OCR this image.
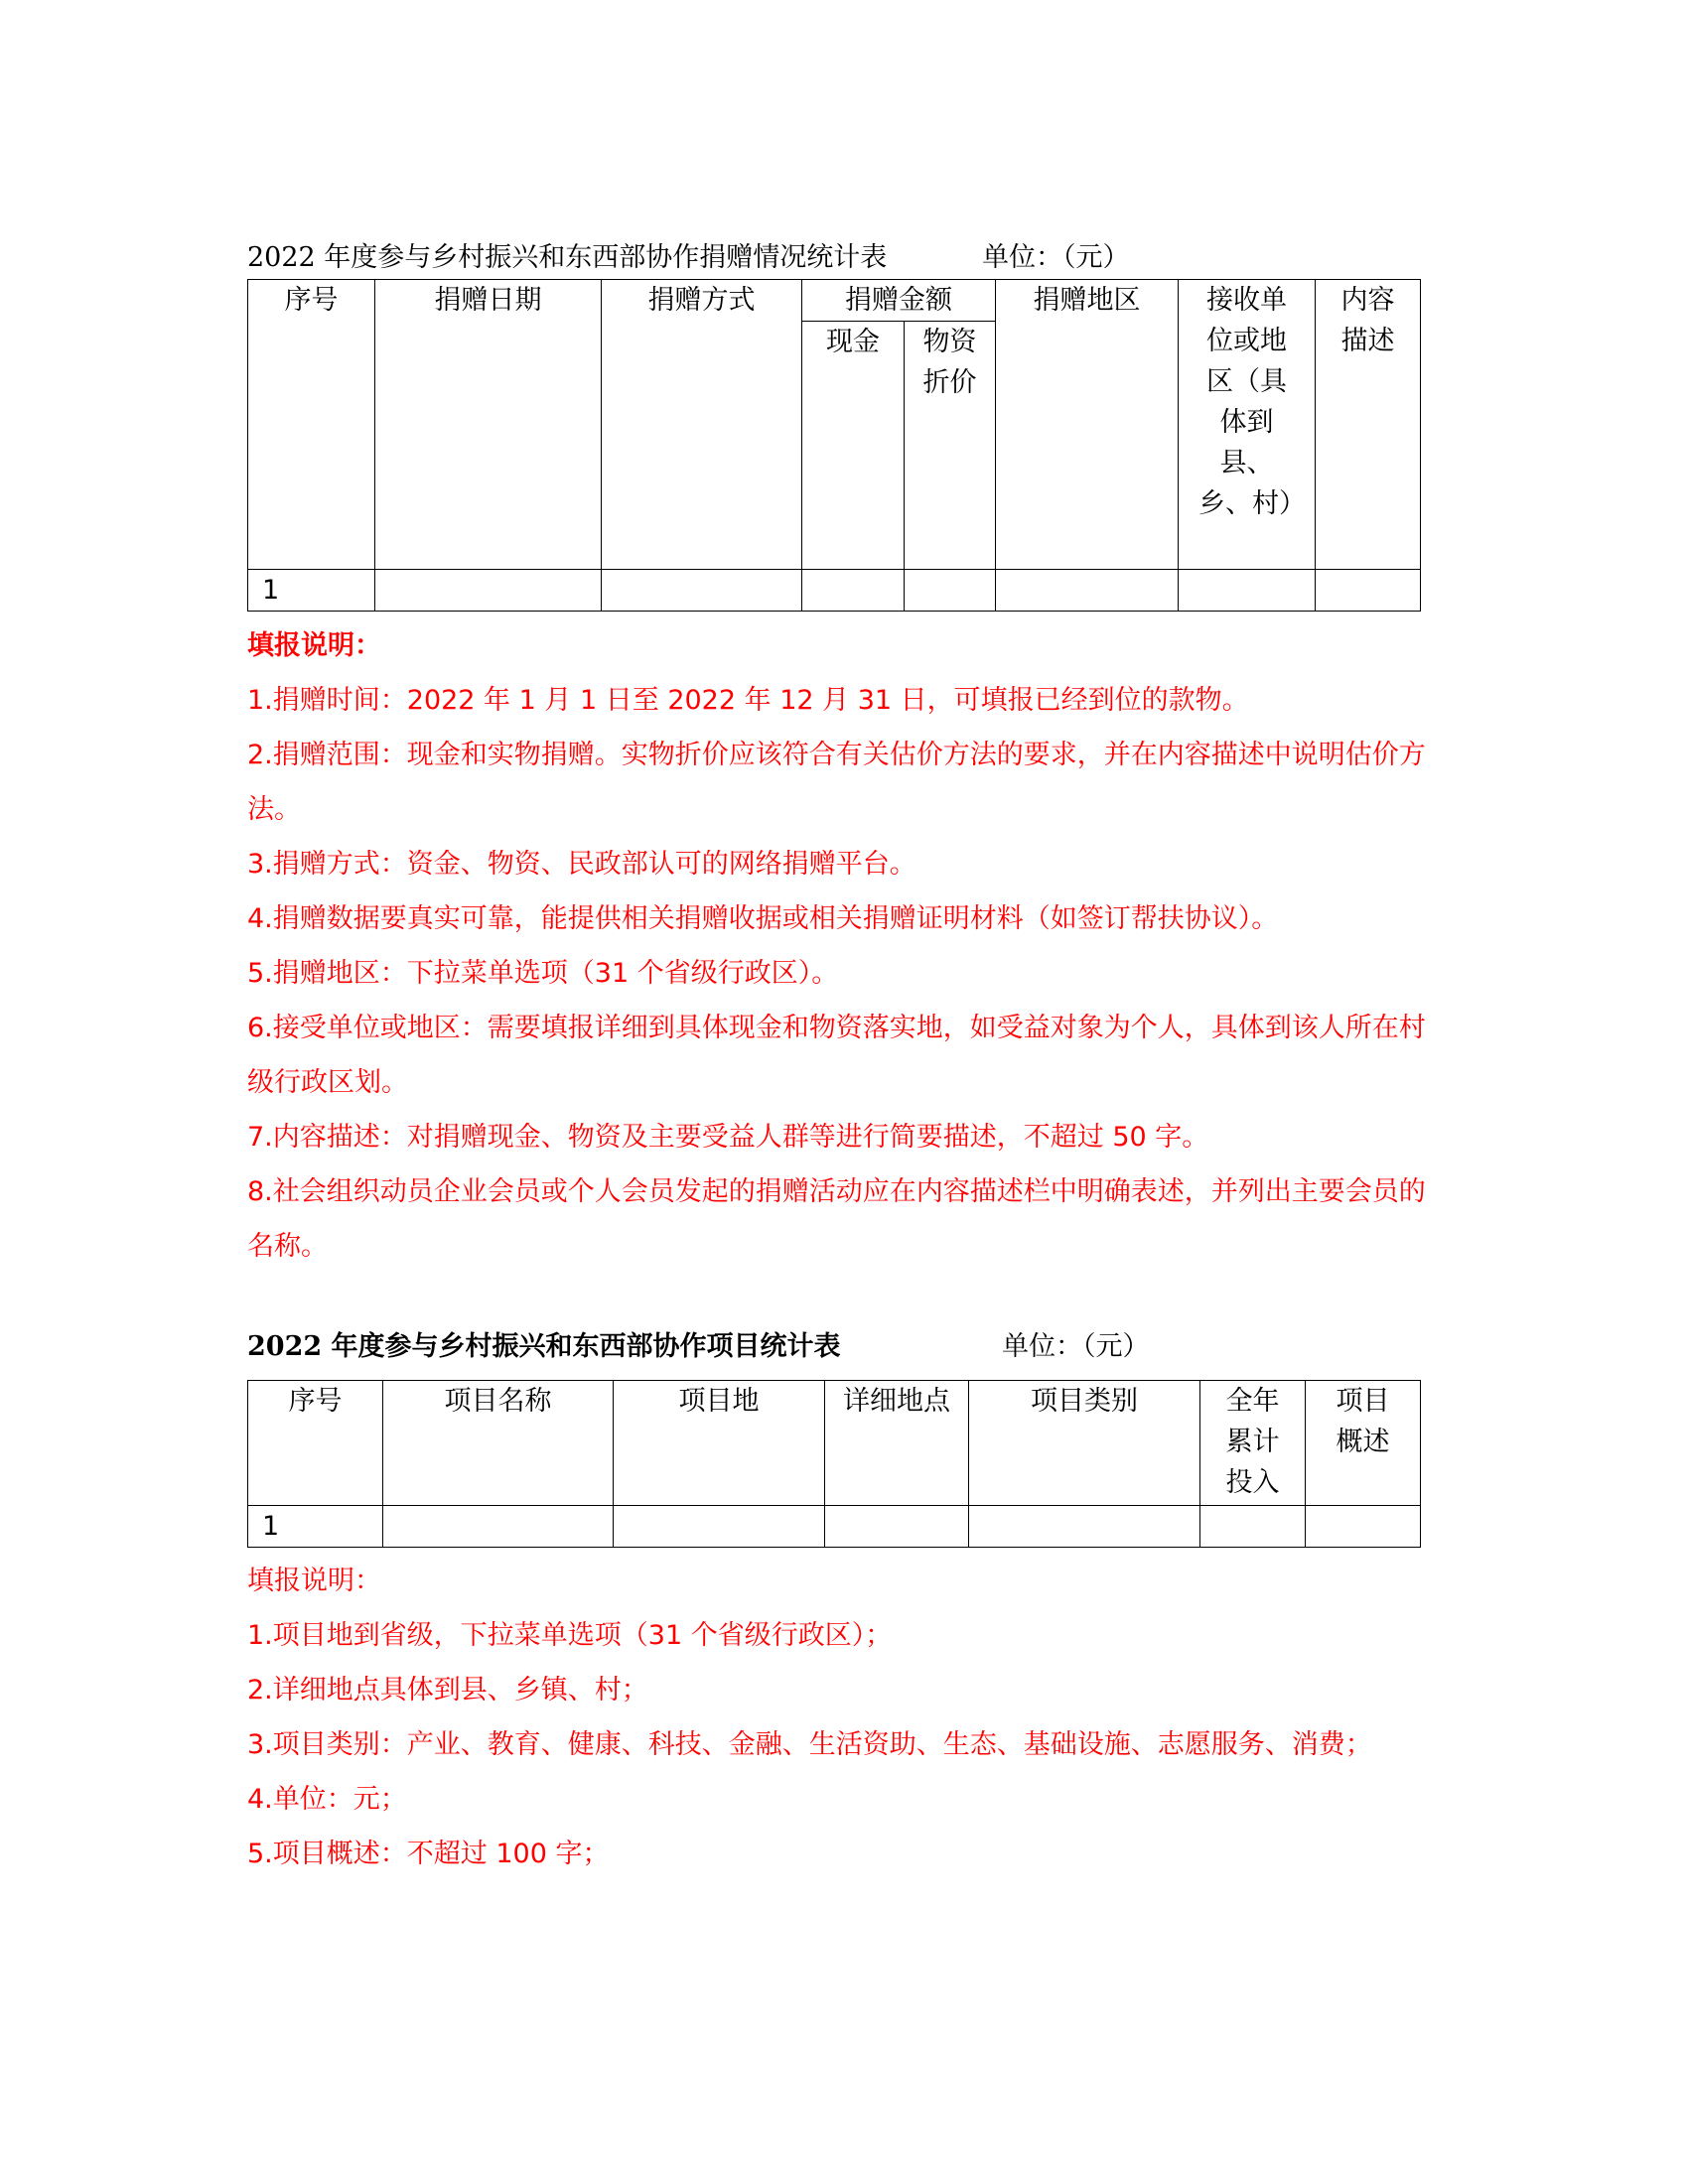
2022 年度参与乡村振兴和东西部协作捐赠情况统计表	单位：（元）
序号	捐赠日期	捐赠方式	捐赠金额		捐赠地区	接收单位或地区（具体到县、乡、村）	内容描述
			现金	物资折价			
1							
填报说明：
1.捐赠时间：2022 年 1 月 1 日至 2022 年 12 月 31 日，可填报已经到位的款物。
2.捐赠范围：现金和实物捐赠。实物折价应该符合有关估价方法的要求，并在内容描述中说明估价方法。
3.捐赠方式：资金、物资、民政部认可的网络捐赠平台。
4.捐赠数据要真实可靠，能提供相关捐赠收据或相关捐赠证明材料（如签订帮扶协议）。
5.捐赠地区：下拉菜单选项（31 个省级行政区）。
6.接受单位或地区：需要填报详细到具体现金和物资落实地，如受益对象为个人，具体到该人所在村级行政区划。
7.内容描述：对捐赠现金、物资及主要受益人群等进行简要描述，不超过 50 字。
8.社会组织动员企业会员或个人会员发起的捐赠活动应在内容描述栏中明确表述，并列出主要会员的名称。
2022 年度参与乡村振兴和东西部协作项目统计表	单位：（元）
序号	项目名称	项目地	详细地点	项目类别	全年累计投入	项目概述
1						
填报说明：
1.项目地到省级，下拉菜单选项（31 个省级行政区）；
2.详细地点具体到县、乡镇、村；
3.项目类别：产业、教育、健康、科技、金融、生活资助、生态、基础设施、志愿服务、消费；
4.单位：元；
5.项目概述：不超过 100 字；
